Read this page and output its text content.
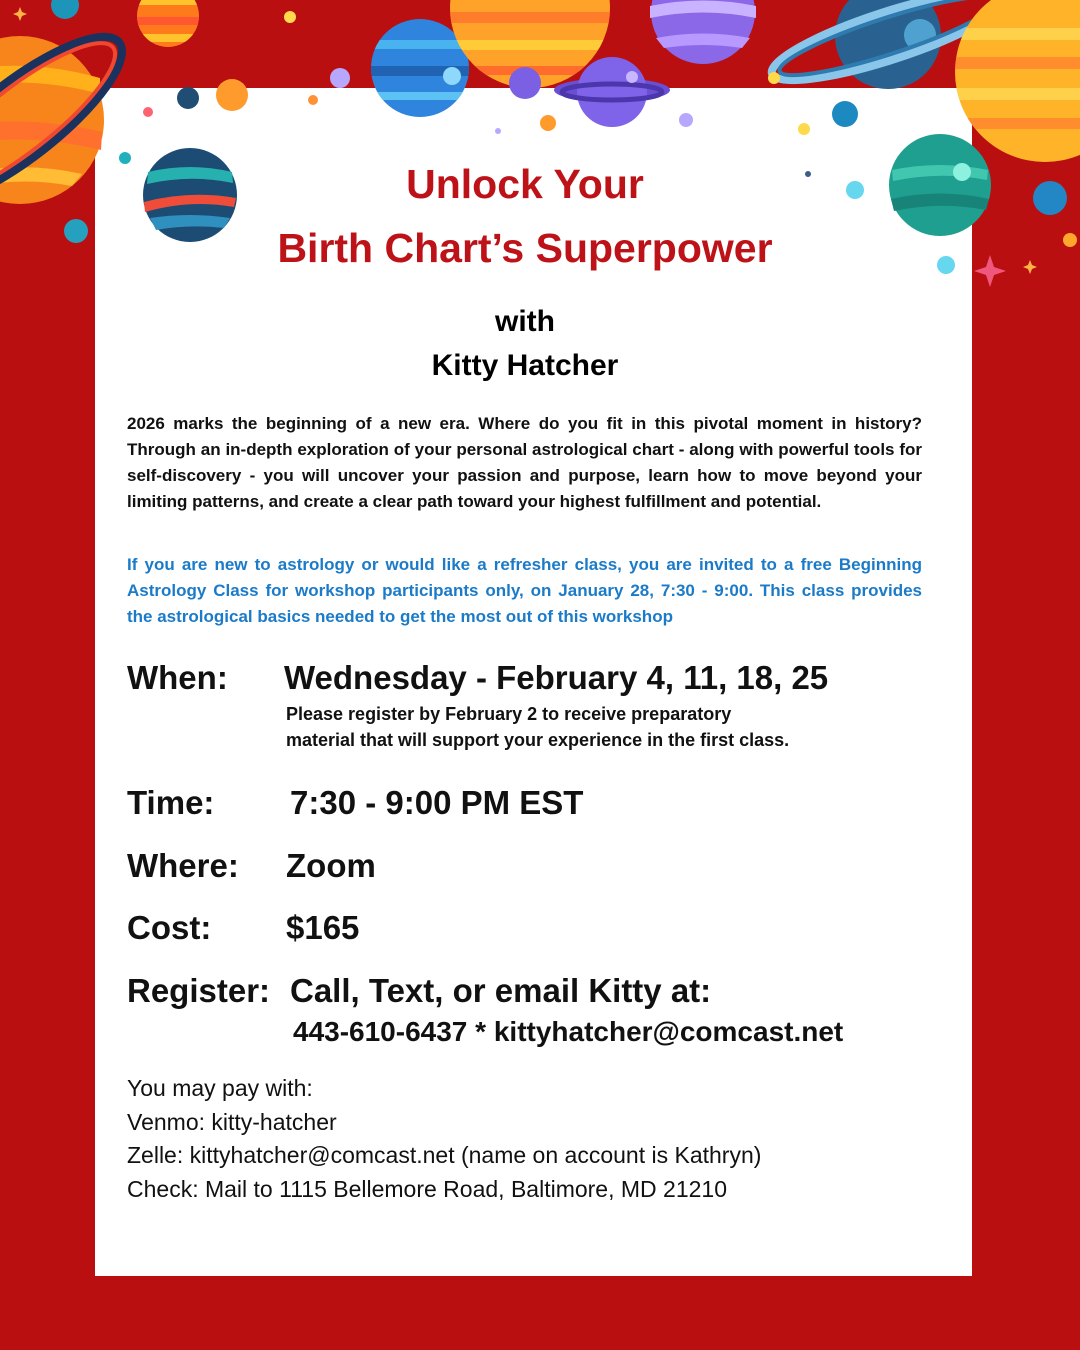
Unlock Your
Birth Chart’s Superpower
with
Kitty Hatcher

2026 marks the beginning of a new era. Where do you fit in this pivotal moment in history? Through an in-depth exploration of your personal astrological chart - along with powerful tools for self-discovery - you will uncover your passion and purpose, learn how to move beyond your limiting patterns, and create a clear path toward your highest fulfillment and potential.

If you are new to astrology or would like a refresher class, you are invited to a free Beginning Astrology Class for workshop participants only, on January 28, 7:30 - 9:00. This class provides the astrological basics needed to get the most out of this workshop

When: Wednesday - February 4, 11, 18, 25
Please register by February 2 to receive preparatory
material that will support your experience in the first class.
Time: 7:30 - 9:00 PM EST
Where: Zoom
Cost: $165
Register: Call, Text, or email Kitty at:
443-610-6437 * kittyhatcher@comcast.net
You may pay with:
Venmo: kitty-hatcher
Zelle: kittyhatcher@comcast.net (name on account is Kathryn)
Check: Mail to 1115 Bellemore Road, Baltimore, MD 21210
